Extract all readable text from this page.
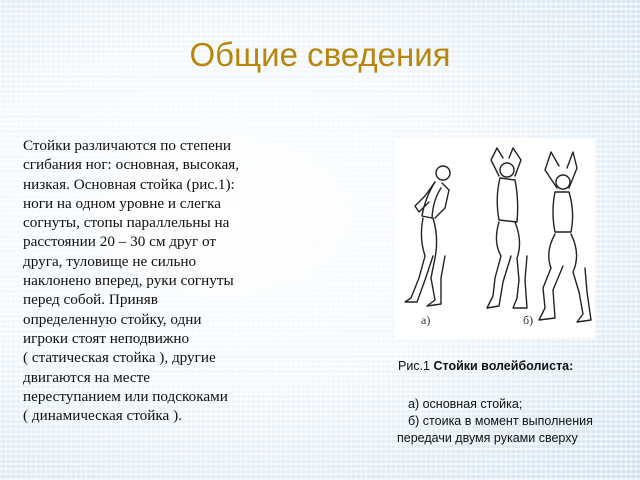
Общие сведения

Стойки различаются по степени
сгибания ног: основная, высокая,
низкая. Основная стойка (рис.1):
ноги на одном уровне и слегка
согнуты, стопы параллельны на
расстоянии 20 – 30 см друг от
друга, туловище не сильно
наклонено вперед, руки согнуты
перед собой. Приняв
определенную стойку, одни
игроки стоят неподвижно
( статическая стойка ), другие
двигаются на месте
переступанием или подскоками
( динамическая стойка ).

а)	б)

Рис.1 Стойки волейболиста:

а) основная стойка;

б) стоика в момент выполнения

передачи двумя руками сверху
